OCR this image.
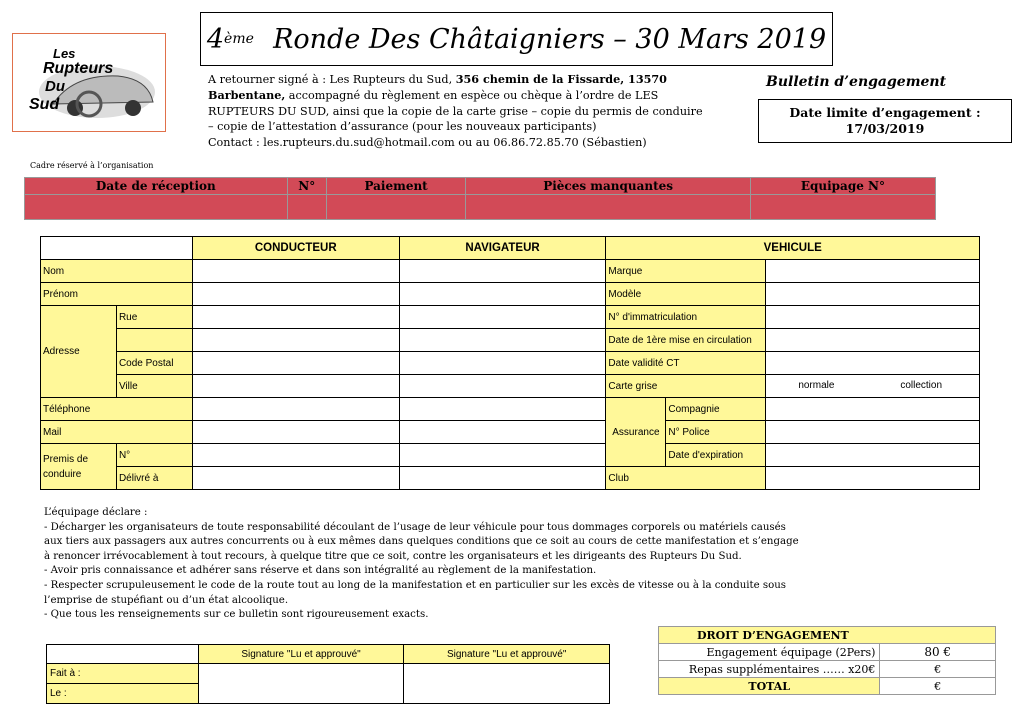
Les
Rupteurs
Du
Sud
4 ème
Ronde Des Châtaigniers – 30 Mars 2019
A retourner signé à : Les Rupteurs du Sud, 356 chemin de la Fissarde, 13570 Barbentane, accompagné du règlement en espèce ou chèque à l’ordre de LES RUPTEURS DU SUD, ainsi que la copie de la carte grise – copie du permis de conduire – copie de l’attestation d’assurance (pour les nouveaux participants)
Contact : les.rupteurs.du.sud@hotmail.com ou au 06.86.72.85.70 (Sébastien)
Bulletin d’engagement
Date limite d’engagement :
17/03/2019
Cadre réservé à l’organisation
Date de réception	N°	Paiement	Pièces manquantes	Equipage N°

		CONDUCTEUR	NAVIGATEUR	VEHICULE		
Nom				Marque		
Prénom				Modèle		
Adresse	Rue			N° d'immatriculation		
				Date de 1ère mise en circulation		
	Code Postal			Date validité CT		
	Ville			Carte grise		normale collection

Téléphone				Assurance	Compagnie	
Mail					N° Police	
Premis de conduire	N°				Date d'expiration	
	Délivré à			Club		
L’équipage déclare :
- Décharger les organisateurs de toute responsabilité découlant de l’usage de leur véhicule pour tous dommages corporels ou matériels causés aux tiers aux passagers aux autres concurrents ou à eux mêmes dans quelques conditions que ce soit au cours de cette manifestation et s’engage à renoncer irrévocablement à tout recours, à quelque titre que ce soit, contre les organisateurs et les dirigeants des Rupteurs Du Sud.
- Avoir pris connaissance et adhérer sans réserve et dans son intégralité au règlement de la manifestation.
- Respecter scrupuleusement le code de la route tout au long de la manifestation et en particulier sur les excès de vitesse ou à la conduite sous l’emprise de stupéfiant ou d’un état alcoolique.
- Que tous les renseignements sur ce bulletin sont rigoureusement exacts.
	Signature "Lu et approuvé"	Signature "Lu et approuvé"
Fait à :		
Le :		
DROIT D’ENGAGEMENT	
Engagement équipage (2Pers)	80 €
Repas supplémentaires …… x20€	€
TOTAL	€
